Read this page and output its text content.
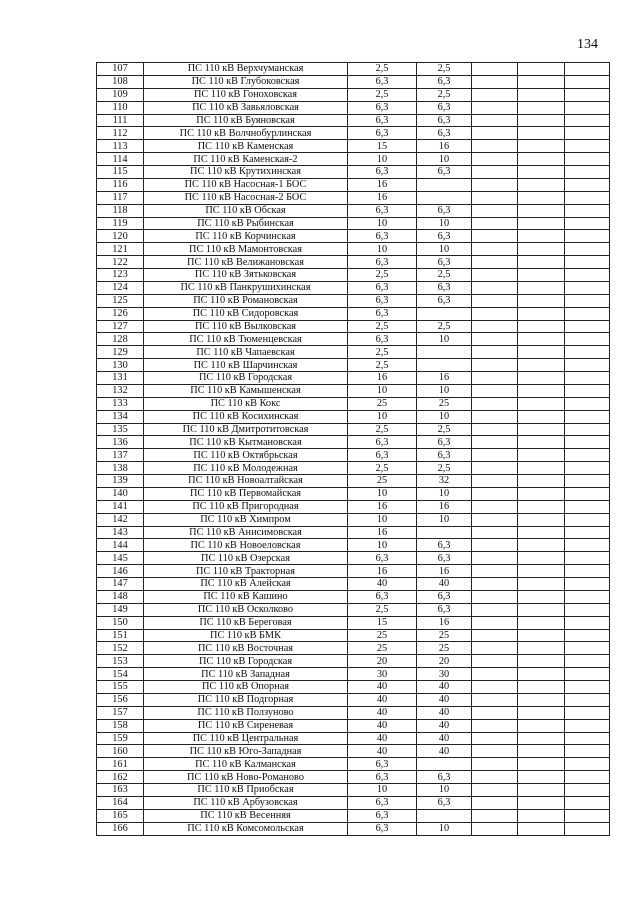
134
107	ПС 110 кВ Верхчуманская	2,5	2,5			
108	ПС 110 кВ Глубоковская	6,3	6,3			
109	ПС 110 кВ Гоноховская	2,5	2,5			
110	ПС 110 кВ Завьяловская	6,3	6,3			
111	ПС 110 кВ Буяновская	6,3	6,3			
112	ПС 110 кВ Волчнобурлинская	6,3	6,3			
113	ПС 110 кВ Каменская	15	16			
114	ПС 110 кВ Каменская-2	10	10			
115	ПС 110 кВ Крутихинская	6,3	6,3			
116	ПС 110 кВ Насосная-1 БОС	16				
117	ПС 110 кВ Насосная-2 БОС	16				
118	ПС 110 кВ Обская	6,3	6,3			
119	ПС 110 кВ Рыбинская	10	10			
120	ПС 110 кВ Корчинская	6,3	6,3			
121	ПС 110 кВ Мамонтовская	10	10			
122	ПС 110 кВ Велижановская	6,3	6,3			
123	ПС 110 кВ Зятьковская	2,5	2,5			
124	ПС 110 кВ Панкрушихинская	6,3	6,3			
125	ПС 110 кВ Романовская	6,3	6,3			
126	ПС 110 кВ Сидоровская	6,3				
127	ПС 110 кВ Вылковская	2,5	2,5			
128	ПС 110 кВ Тюменцевская	6,3	10			
129	ПС 110 кВ Чапаевская	2,5				
130	ПС 110 кВ Шарчинская	2,5				
131	ПС 110 кВ Городская	16	16			
132	ПС 110 кВ Камышенская	10	10			
133	ПС 110 кВ Кокс	25	25			
134	ПС 110 кВ Косихинская	10	10			
135	ПС 110 кВ Дмитротитовская	2,5	2,5			
136	ПС 110 кВ Кытмановская	6,3	6,3			
137	ПС 110 кВ Октябрьская	6,3	6,3			
138	ПС 110 кВ Молодежная	2,5	2,5			
139	ПС 110 кВ Новоалтайская	25	32			
140	ПС 110 кВ Первомайская	10	10			
141	ПС 110 кВ Пригородная	16	16			
142	ПС 110 кВ Химпром	10	10			
143	ПС 110 кВ Анисимовская	16				
144	ПС 110 кВ Новоеловская	10	6,3			
145	ПС 110 кВ Озерская	6,3	6,3			
146	ПС 110 кВ Тракторная	16	16			
147	ПС 110 кВ Алейская	40	40			
148	ПС 110 кВ Кашино	6,3	6,3			
149	ПС 110 кВ Осколково	2,5	6,3			
150	ПС 110 кВ Береговая	15	16			
151	ПС 110 кВ БМК	25	25			
152	ПС 110 кВ Восточная	25	25			
153	ПС 110 кВ Городская	20	20			
154	ПС 110 кВ Западная	30	30			
155	ПС 110 кВ Опорная	40	40			
156	ПС 110 кВ Подгорная	40	40			
157	ПС 110 кВ Ползуново	40	40			
158	ПС 110 кВ Сиреневая	40	40			
159	ПС 110 кВ Центральная	40	40			
160	ПС 110 кВ Юго-Западная	40	40			
161	ПС 110 кВ Калманская	6,3				
162	ПС 110 кВ Ново-Романово	6,3	6,3			
163	ПС 110 кВ Приобская	10	10			
164	ПС 110 кВ Арбузовская	6,3	6,3			
165	ПС 110 кВ Весенняя	6,3				
166	ПС 110 кВ Комсомольская	6,3	10			
